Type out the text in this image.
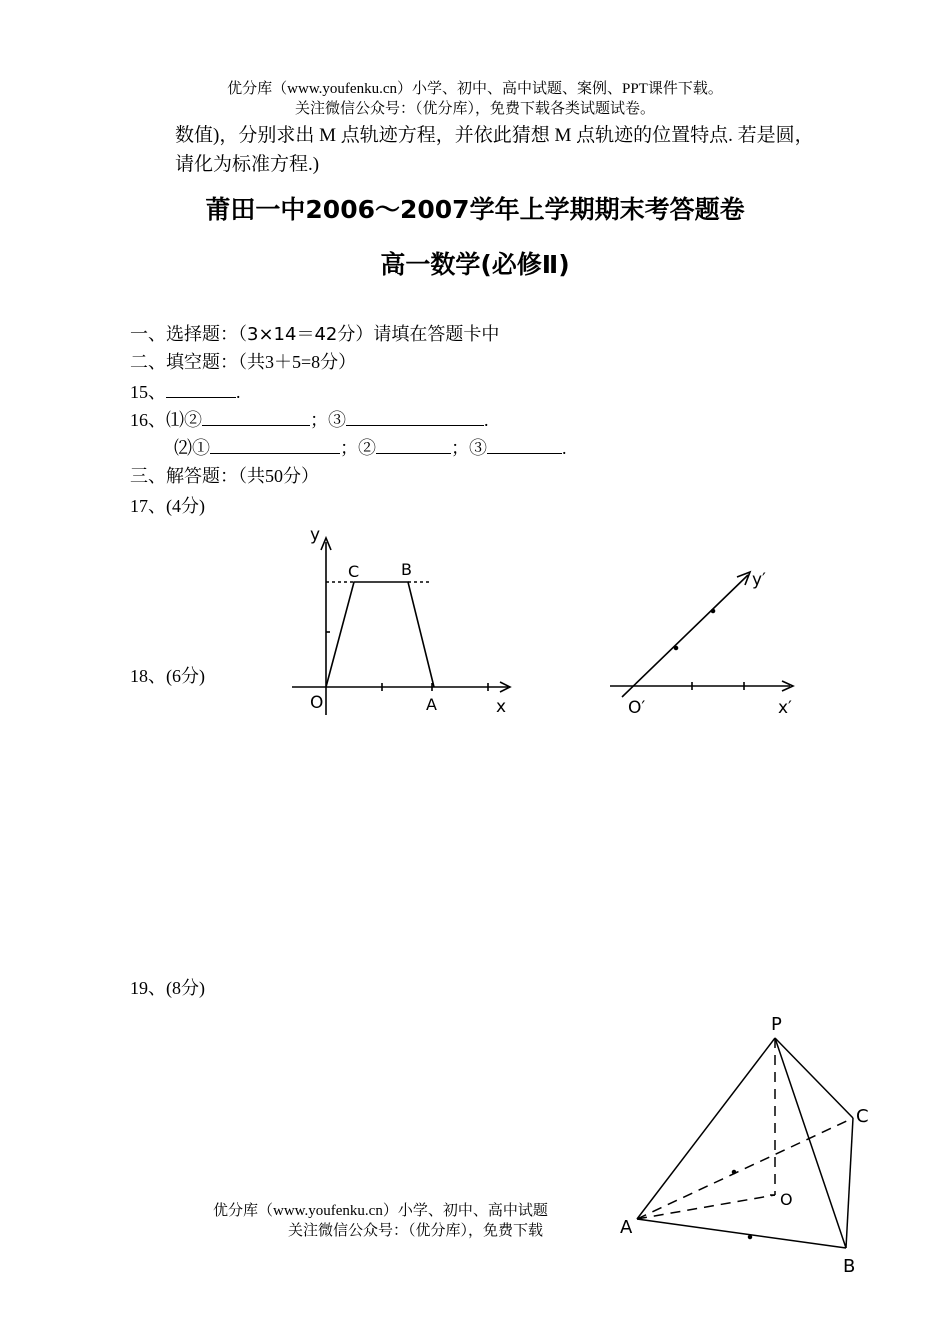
优分库（www.youfenku.cn）小学、初中、高中试题、案例、PPT课件下载。
关注微信公众号：（优分库），免费下载各类试题试卷。
数值)，分别求出 M 点轨迹方程，并依此猜想 M 点轨迹的位置特点. 若是圆，
请化为标准方程.)
莆田一中2006～2007学年上学期期末考答题卷
高一数学(必修Ⅱ)
一、选择题：（3×14＝42分）请填在答题卡中
二、填空题：（共3＋5=8分）
15、	.
16、⑴②	；③	.
⑵①	；②	；③	.
三、解答题：（共50分）
17、(4分)
18、(6分)
19、(8分)
y
x
O	A
B
C	y′
x′
O′
P
A
B
C
O
优分库（www.youfenku.cn）小学、初中、高中试题
关注微信公众号：（优分库），免费下载
